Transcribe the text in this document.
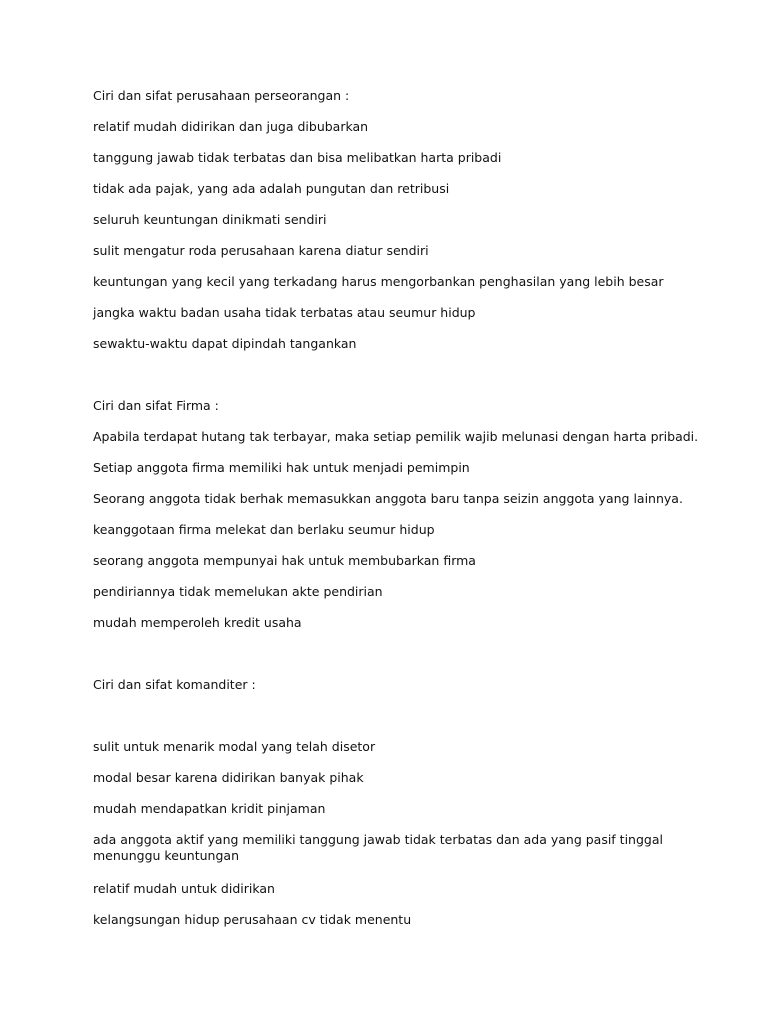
Ciri dan sifat perusahaan perseorangan :
relatif mudah didirikan dan juga dibubarkan
tanggung jawab tidak terbatas dan bisa melibatkan harta pribadi
tidak ada pajak, yang ada adalah pungutan dan retribusi
seluruh keuntungan dinikmati sendiri
sulit mengatur roda perusahaan karena diatur sendiri
keuntungan yang kecil yang terkadang harus mengorbankan penghasilan yang lebih besar
jangka waktu badan usaha tidak terbatas atau seumur hidup
sewaktu-waktu dapat dipindah tangankan
Ciri dan sifat Firma :
Apabila terdapat hutang tak terbayar, maka setiap pemilik wajib melunasi dengan harta pribadi.
Setiap anggota firma memiliki hak untuk menjadi pemimpin
Seorang anggota tidak berhak memasukkan anggota baru tanpa seizin anggota yang lainnya.
keanggotaan firma melekat dan berlaku seumur hidup
seorang anggota mempunyai hak untuk membubarkan firma
pendiriannya tidak memelukan akte pendirian
mudah memperoleh kredit usaha
Ciri dan sifat komanditer :
sulit untuk menarik modal yang telah disetor
modal besar karena didirikan banyak pihak
mudah mendapatkan kridit pinjaman
ada anggota aktif yang memiliki tanggung jawab tidak terbatas dan ada yang pasif tinggal menunggu keuntungan
relatif mudah untuk didirikan
kelangsungan hidup perusahaan cv tidak menentu
